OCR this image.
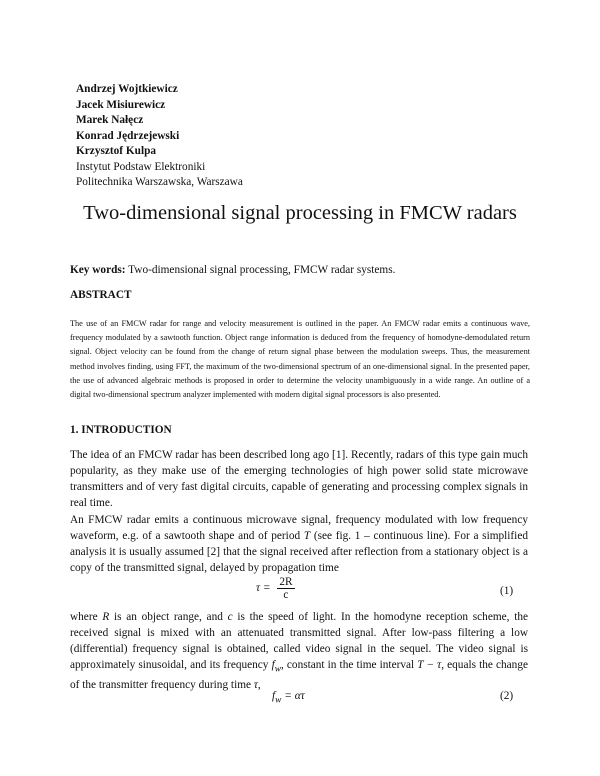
Andrzej Wojtkiewicz
Jacek Misiurewicz
Marek Nałęcz
Konrad Jędrzejewski
Krzysztof Kulpa
Instytut Podstaw Elektroniki
Politechnika Warszawska, Warszawa
Two-dimensional signal processing in FMCW radars
Key words: Two-dimensional signal processing, FMCW radar systems.
ABSTRACT
The use of an FMCW radar for range and velocity measurement is outlined in the paper. An FMCW radar emits a continuous wave, frequency modulated by a sawtooth function. Object range information is deduced from the frequency of homodyne-demodulated return signal. Object velocity can be found from the change of return signal phase between the modulation sweeps. Thus, the measurement method involves finding, using FFT, the maximum of the two-dimensional spectrum of an one-dimensional signal. In the presented paper, the use of advanced algebraic methods is proposed in order to determine the velocity unambiguously in a wide range. An outline of a digital two-dimensional spectrum analyzer implemented with modern digital signal processors is also presented.
1. INTRODUCTION
The idea of an FMCW radar has been described long ago [1]. Recently, radars of this type gain much popularity, as they make use of the emerging technologies of high power solid state microwave transmitters and of very fast digital circuits, capable of generating and processing complex signals in real time.
An FMCW radar emits a continuous microwave signal, frequency modulated with low frequency waveform, e.g. of a sawtooth shape and of period T (see fig. 1 – continuous line). For a simplified analysis it is usually assumed [2] that the signal received after reflection from a stationary object is a copy of the transmitted signal, delayed by propagation time
$\tau = \frac{2R}{c}$	(1)
where R is an object range, and c is the speed of light. In the homodyne reception scheme, the received signal is mixed with an attenuated transmitted signal. After low-pass filtering a low (differential) frequency signal is obtained, called video signal in the sequel. The video signal is approximately sinusoidal, and its frequency $f_w$, constant in the time interval T − τ, equals the change of the transmitter frequency during time τ,
$f_w = \alpha\tau$	(2)
